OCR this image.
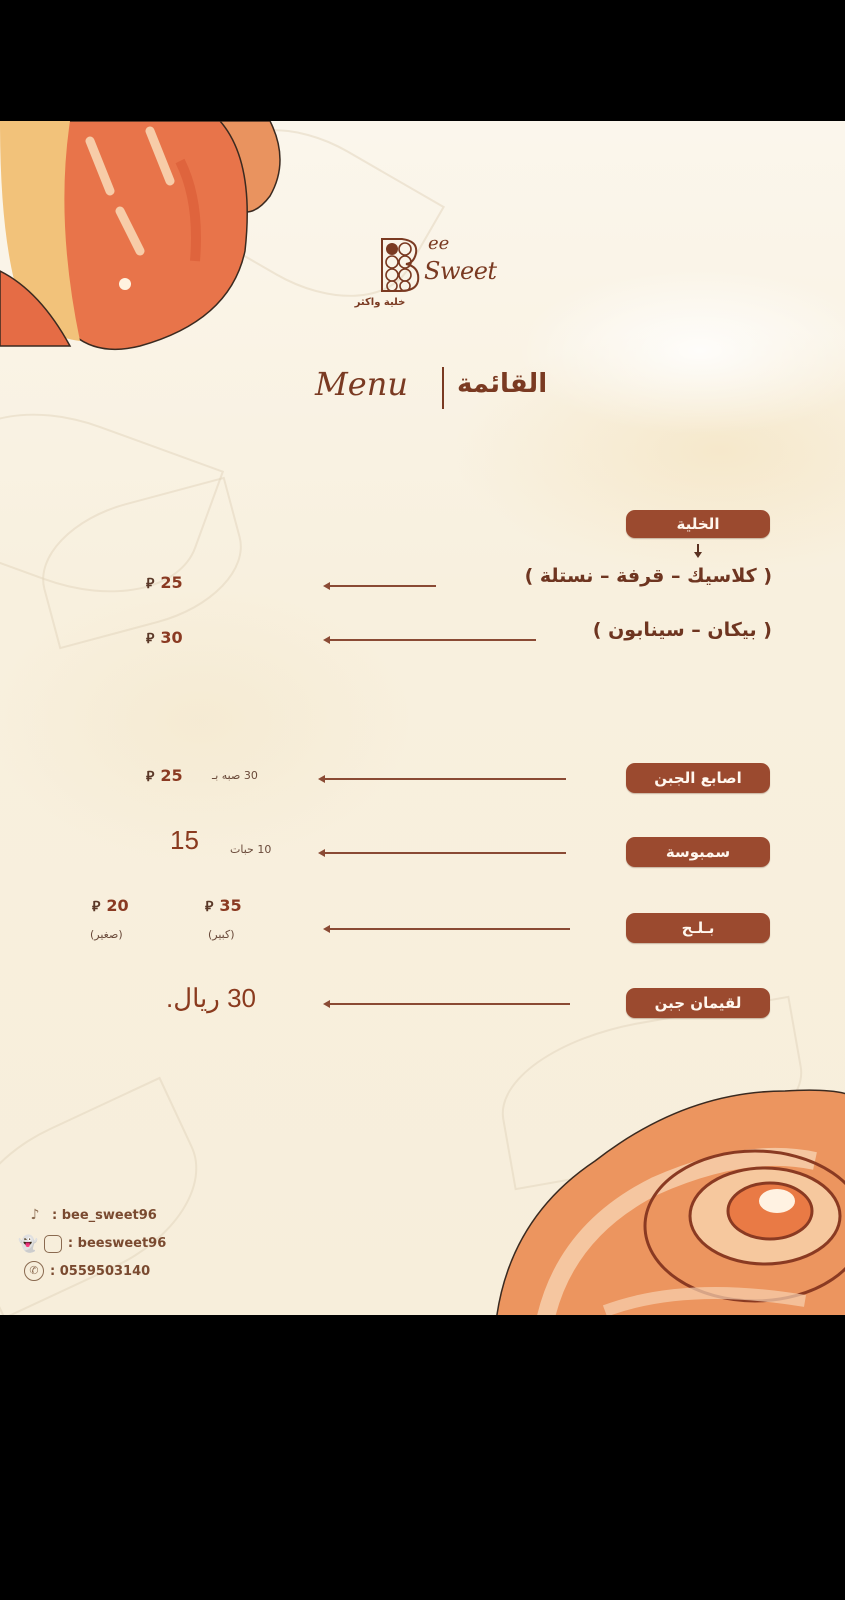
ee
Sweet
خلية واكثر
Menu القائمة
الخلية
( كلاسيك – قرفة – نستلة )
⃁ 25
( بيكان – سينابون )
⃁ 30
اصابع الجبن
30 صبه بـ
⃁ 25
سمبوسة
10 حبات
15
بـلـح
⃁ 35
(كبير)
⃁ 20
(صغير)
لقيمان جبن
30 ريال.
♪ : bee_sweet96
👻 : beesweet96
✆ : 0559503140
